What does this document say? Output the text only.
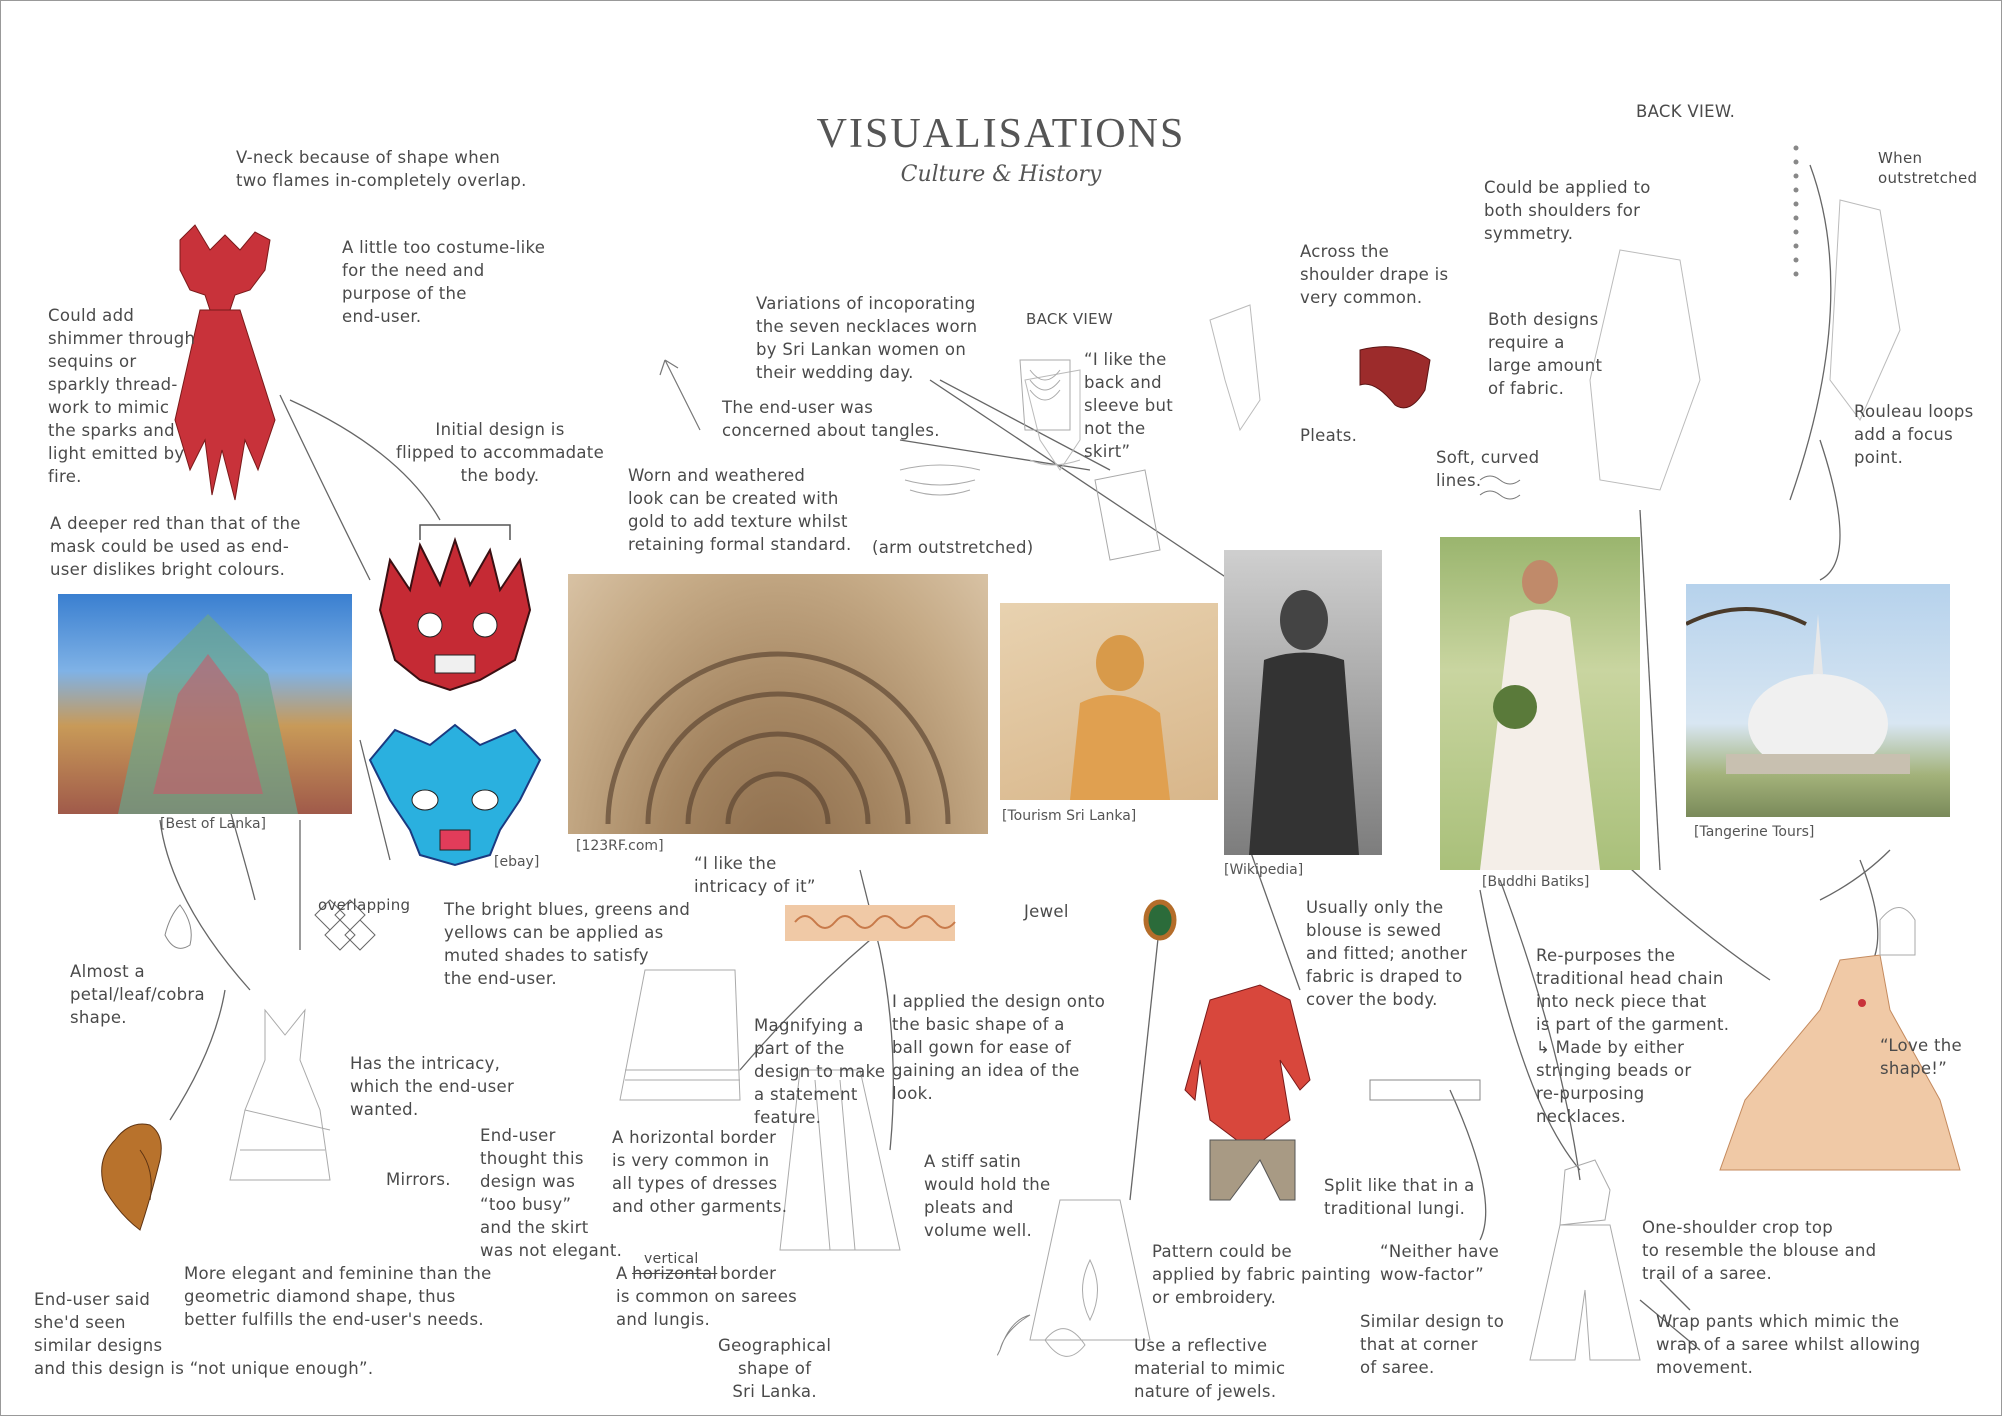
VISUALISATIONS
Culture & History
[Best of Lanka]
[ebay]
[123RF.com]
[Tourism Sri Lanka]
[Wikipedia]
[Buddhi Batiks]
[Tangerine Tours]
BACK VIEW.
When
outstretched
V-neck because of shape when
two flames in-completely overlap.
A little too costume-like
for the need and
purpose of the
end-user.
Could add
shimmer through
sequins or
sparkly thread-
work to mimic
the sparks and
light emitted by
fire.
Initial design is
flipped to accommadate
the body.
A deeper red than that of the
mask could be used as end-
user dislikes bright colours.
Variations of incoporating
the seven necklaces worn
by Sri Lankan women on
their wedding day.
The end-user was
concerned about tangles.
BACK VIEW
“I like the
back and
sleeve but
not the
skirt”
(arm outstretched)
Worn and weathered
look can be created with
gold to add texture whilst
retaining formal standard.
Across the
shoulder drape is
very common.
Could be applied to
both shoulders for
symmetry.
Both designs
require a
large amount
of fabric.
Pleats.
Soft, curved
lines.
Rouleau loops
add a focus
point.
overlapping The bright blues, greens and
yellows can be applied as
muted shades to satisfy
the end-user.
“I like the
intricacy of it”
Jewel	Usually only the
blouse is sewed
and fitted; another
fabric is draped to
cover the body.
Almost a
petal/leaf/cobra
shape.
Has the intricacy,
which the end-user
wanted.
Mirrors.
End-user
thought this
design was
“too busy”
and the skirt
was not elegant.
Magnifying a
part of the
design to make
a statement
feature.
I applied the design onto
the basic shape of a
ball gown for ease of
gaining an idea of the
look.
A horizontal border
is very common in
all types of dresses
and other garments.
vertical
A horizontal border
is common on sarees
and lungis.
A stiff satin
would hold the
pleats and
volume well.
Split like that in a
traditional lungi.
Re-purposes the
traditional head chain
into neck piece that
is part of the garment.
↳ Made by either
stringing beads or
re-purposing
necklaces.
“Love the
shape!”
“Neither have
wow-factor”
One-shoulder crop top
to resemble the blouse and
trail of a saree.
End-user said
she'd seen
similar designs
and this design is “not unique enough”.
More elegant and feminine than the
geometric diamond shape, thus
better fulfills the end-user's needs.
Geographical
shape of
Sri Lanka.
Pattern could be
applied by fabric painting
or embroidery.
Use a reflective
material to mimic
nature of jewels.
Similar design to
that at corner
of saree.
Wrap pants which mimic the
wrap of a saree whilst allowing
movement.
